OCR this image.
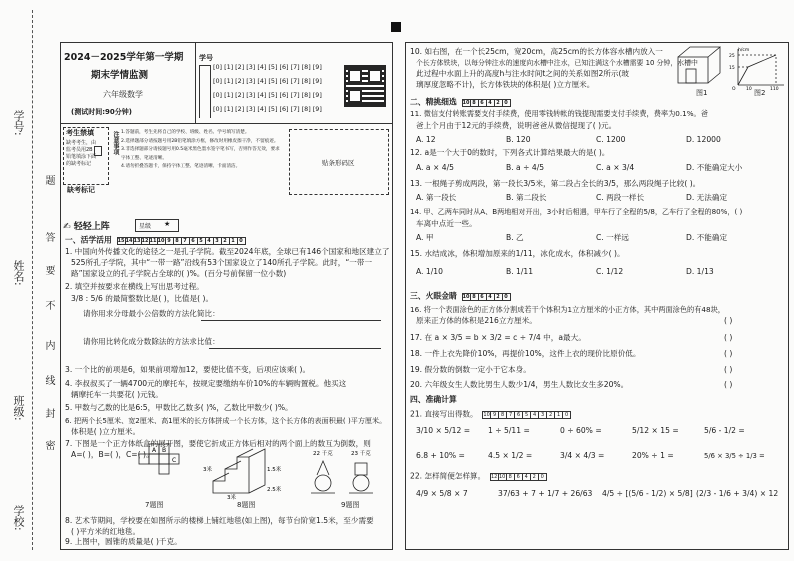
学号:
姓名:
班级:
学校:
题
答
要
不
内
线
封
密
2024－2025学年第一学期
期末学情监测
六年级数学
(测试时间:90分钟)
学号
[0] [1] [2] [3] [4] [5] [6] [7] [8] [9]
[0] [1] [2] [3] [4] [5] [6] [7] [8] [9]
[0] [1] [2] [3] [4] [5] [6] [7] [8] [9]
[0] [1] [2] [3] [4] [5] [6] [7] [8] [9]
考生禁填
缺考考生，由
监考员用2B
铅笔填涂下面
的缺考标记
缺考标记
注意事项 1.答题前，考生先将自己的学校、班级、姓名、学号填写清楚。
2.选择题部分请按题号用2B铅笔填涂方框，修改时用橡皮擦干净，不留痕迹。
3.非选择题部分请按题号用0.5毫米黑色墨水签字笔书写，否则作答无效，要求字体工整、笔迹清晰。
4.请勿折叠答题卡，保持字体工整、笔迹清晰、卡面清洁。	贴条形码区
✍ 轻轻上阵	星级 ★
一、活学活用 151413121110 9 8 7 6 5 4 3 2 1 0
1. 中国向外传播文化的途径之一是孔子学院。截至2024年底，全球已有146个国家和地区建立了
525所孔子学院，其中“一带一路”沿线有53个国家设立了140所孔子学院。此时，“一带一
路”国家设立的孔子学院占全球的( )%。(百分号前保留一位小数)
2. 填空并按要求在横线上写出思考过程。
3/8 : 5/6 的最简整数比是( )，比值是( )。
请你用求分母最小公倍数的方法化简比：
请你用比转化成分数除法的方法求比值：
3. 一个比的前项是6，如果前项增加12，要使比值不变，后项应该乘( )。
4. 李叔叔买了一辆4700元的摩托车，按规定要缴纳车价10%的车辆购置税。他买这
辆摩托车一共要花( )元钱。
5. 甲数与乙数的比是6:5，甲数比乙数多( )%，乙数比甲数少( )%。
6. 把两个长5厘米、宽2厘米、高1厘米的长方体拼成一个长方体，这个长方体的表面积最( )平方厘米。
体积是( )立方厘米。
7. 下图是一个正方体纸盒的展开图，要使它折成正方体后相对的两个面上的数互为倒数，则
A=( )，B=( )，C=( )。
A B
C
7题图
3米	1.5米
2.5米
3米
8题图
22 千克	23 千克
9题图
8. 艺术节期间，学校要在如图所示的楼梯上铺红地毯(如上图)，每节台阶宽1.5米，至少需要
( )平方米的红地毯。
9. 上图中，圆锥的质量是( )千克。
10. 如右图，在一个长25cm，宽20cm，高25cm的长方体容水槽内放入一
个长方体铁块，以每分钟注水的速度向水槽中注水，已知注满这个水槽需要 10 分钟，水槽中
此过程中水面上升的高度h与注水时间t之间的关系如图2所示(玻
璃厚度忽略不计)，长方体铁块的体积是( )立方厘米。
图1
h/cm
25
15
O 10	110
图2
二、精挑细选 10 8 6 4 2 0
11. 微信支付转账需要支付手续费，使用零钱转帐的钱提现需要支付手续费，费率为0.1%。爸
爸上个月由于12元的手续费，说明爸爸从微信提现了( )元。
A. 12	B. 120	C. 1200	D. 12000
12. a是一个大于0的数时，下列各式计算结果最大的是( )。
A. a × 4/5	B. a ÷ 4/5	C. a × 3/4	D. 不能确定大小
13. 一根绳子剪成两段，第一段长3/5米，第二段占全长的3/5，那么两段绳子比较( )。
A. 第一段长	B. 第二段长	C. 两段一样长	D. 无法确定
14. 甲、乙两车同时从A、B两地相对开出，3小时后相遇，甲车行了全程的5/8，乙车行了全程的80%，( )
车离中点近一些。
A. 甲	B. 乙	C. 一样远	D. 不能确定
15. 水结成冰，体积增加原来的1/11，冰化成水，体积减少( )。
A. 1/10	B. 1/11	C. 1/12	D. 1/13
三、火眼金睛 10 8 6 4 2 0
16. 将一个表面涂色的正方体分割成若干个体积为1立方厘米的小正方体，其中两面涂色的有48块，
原来正方体的体积是216立方厘米。	( )
17. 在 a × 3/5 = b × 3/2 = c ÷ 7/4 中，a最大。	( )
18. 一件上衣先降价10%，再提价10%，这件上衣的现价比原价低。	( )
19. 假分数的倒数一定小于它本身。	( )
20. 六年级女生人数比男生人数少1/4，男生人数比女生多20%。	( )
四、准确计算
21. 直接写出得数。 10 9 8 7 6 5 4 3 2 1 0
3/10 × 5/12 = 1 ÷ 5/11 =	0 ÷ 60% =	5/12 × 15 =	5/6 - 1/2 =
6.8 + 10% =	4.5 × 1/2 =	3/4 × 4/3 =	20% ÷ 1 =	5/6 × 3/5 ÷ 1/3 =
22. 怎样简便怎样算。 12 10 8 6 4 2 0
4/9 × 5/8 × 7	37/63 + 7 + 1/7 + 26/63 4/5 ÷ [(5/6 - 1/2) × 5/8] (2/3 - 1/6 + 3/4) × 12
